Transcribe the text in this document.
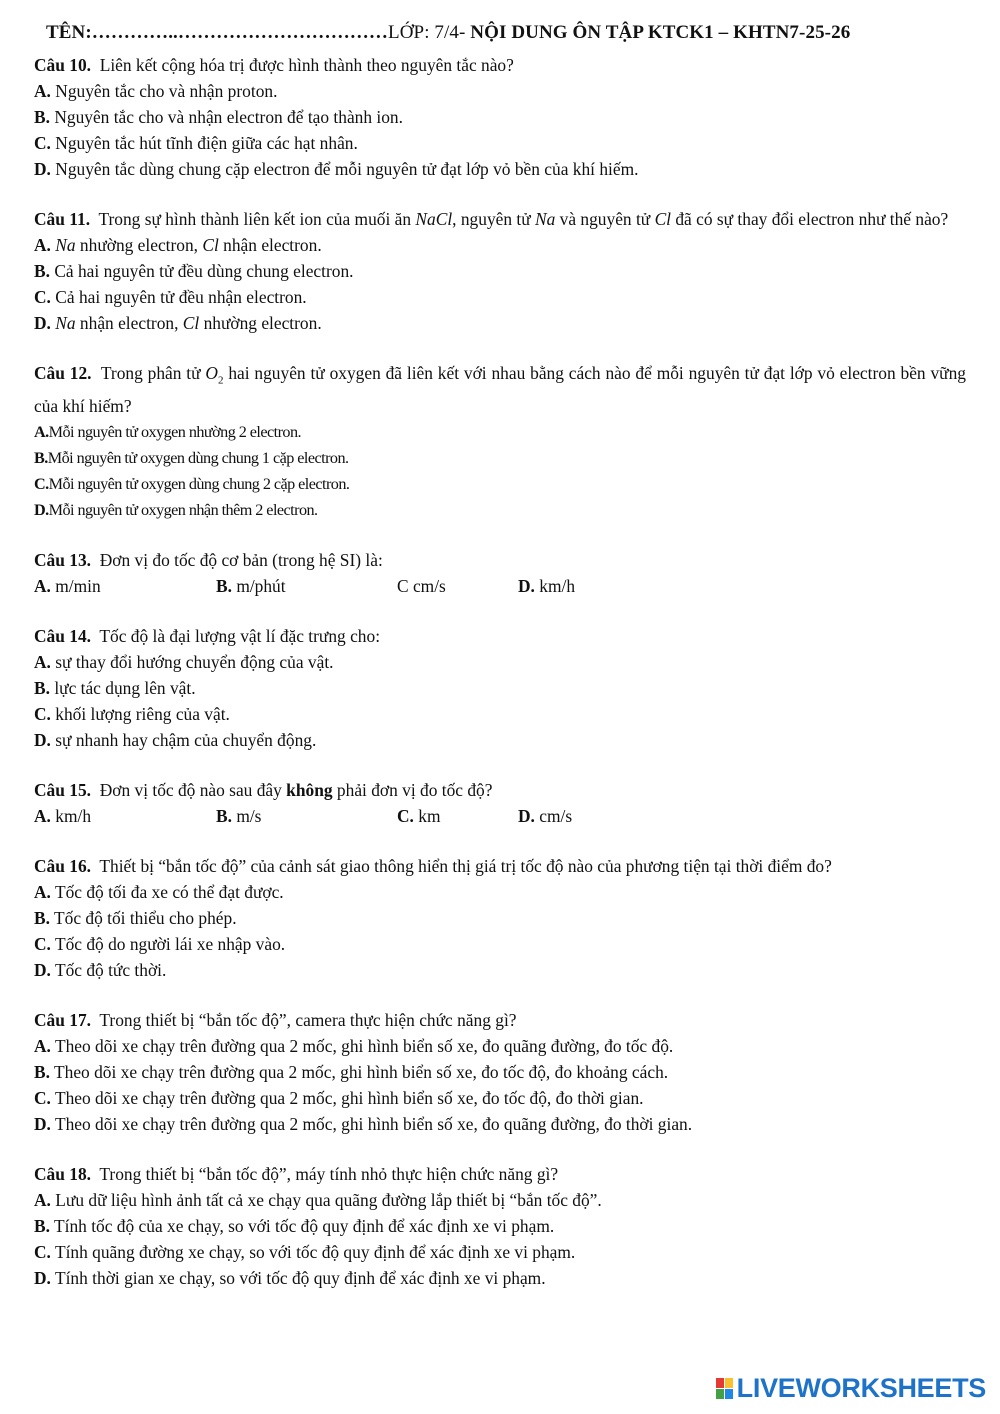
TÊN:…………..……………………………LỚP: 7/4- NỘI DUNG ÔN TẬP KTCK1 – KHTN7-25-26
Câu 10. Liên kết cộng hóa trị được hình thành theo nguyên tắc nào?
A. Nguyên tắc cho và nhận proton.
B. Nguyên tắc cho và nhận electron để tạo thành ion.
C. Nguyên tắc hút tĩnh điện giữa các hạt nhân.
D. Nguyên tắc dùng chung cặp electron để mỗi nguyên tử đạt lớp vỏ bền của khí hiếm.
Câu 11. Trong sự hình thành liên kết ion của muối ăn NaCl, nguyên tử Na và nguyên tử Cl đã có sự thay đổi electron như thế nào?
A. Na nhường electron, Cl nhận electron.
B. Cả hai nguyên tử đều dùng chung electron.
C. Cả hai nguyên tử đều nhận electron.
D. Na nhận electron, Cl nhường electron.
Câu 12. Trong phân tử $O_2$ hai nguyên tử oxygen đã liên kết với nhau bằng cách nào để mỗi nguyên tử đạt lớp vỏ electron bền vững của khí hiếm?
A.Mỗi nguyên tử oxygen nhường 2 electron.
B.Mỗi nguyên tử oxygen dùng chung 1 cặp electron.
C.Mỗi nguyên tử oxygen dùng chung 2 cặp electron.
D.Mỗi nguyên tử oxygen nhận thêm 2 electron.
Câu 13. Đơn vị đo tốc độ cơ bản (trong hệ SI) là:
A. m/min	B. m/phút	C cm/s	D. km/h
Câu 14. Tốc độ là đại lượng vật lí đặc trưng cho:
A. sự thay đổi hướng chuyển động của vật.
B. lực tác dụng lên vật.
C. khối lượng riêng của vật.
D. sự nhanh hay chậm của chuyển động.
Câu 15. Đơn vị tốc độ nào sau đây không phải đơn vị đo tốc độ?
A. km/h	B. m/s	C. km	D. cm/s
Câu 16. Thiết bị “bắn tốc độ” của cảnh sát giao thông hiển thị giá trị tốc độ nào của phương tiện tại thời điểm đo?
A. Tốc độ tối đa xe có thể đạt được.
B. Tốc độ tối thiểu cho phép.
C. Tốc độ do người lái xe nhập vào.
D. Tốc độ tức thời.
Câu 17. Trong thiết bị “bắn tốc độ”, camera thực hiện chức năng gì?
A. Theo dõi xe chạy trên đường qua 2 mốc, ghi hình biển số xe, đo quãng đường, đo tốc độ.
B. Theo dõi xe chạy trên đường qua 2 mốc, ghi hình biển số xe, đo tốc độ, đo khoảng cách.
C. Theo dõi xe chạy trên đường qua 2 mốc, ghi hình biển số xe, đo tốc độ, đo thời gian.
D. Theo dõi xe chạy trên đường qua 2 mốc, ghi hình biển số xe, đo quãng đường, đo thời gian.
Câu 18. Trong thiết bị “bắn tốc độ”, máy tính nhỏ thực hiện chức năng gì?
A. Lưu dữ liệu hình ảnh tất cả xe chạy qua quãng đường lắp thiết bị “bắn tốc độ”.
B. Tính tốc độ của xe chạy, so với tốc độ quy định để xác định xe vi phạm.
C. Tính quãng đường xe chạy, so với tốc độ quy định để xác định xe vi phạm.
D. Tính thời gian xe chạy, so với tốc độ quy định để xác định xe vi phạm.
LIVEWORKSHEETS
